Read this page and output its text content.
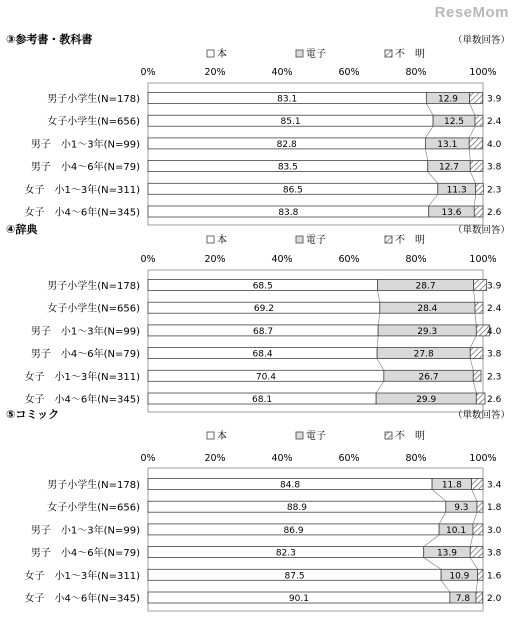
ReseMom
③参考書・教科書	（単数回答）
本	電子	不　明
0%	20%	40%	60%	80%	100%
男子小学生(N=178)	83.1	12.9	3.9
女子小学生(N=656)	85.1	12.5	2.4
男子　小1～3年(N=99)	82.8	13.1	4.0
男子　小4～6年(N=79)	83.5	12.7	3.8
女子　小1～3年(N=311)	86.5	11.3 2.3
女子　小4～6年(N=345)	83.8	13.6	2.6
④辞典	（単数回答）
本	電子	不　明
0%	20%	40%	60%	80%	100%
男子小学生(N=178)	68.5	28.7	3.9
女子小学生(N=656)	69.2	28.4	2.4
男子　小1～3年(N=99)	68.7	29.3	4.0
男子　小4～6年(N=79)	68.4	27.8	3.8
女子　小1～3年(N=311)	70.4	26.7	2.3
女子　小4～6年(N=345)	68.1	29.9	2.6
⑤コミック	（単数回答）
本	電子	不　明
0%	20%	40%	60%	80%	100%
男子小学生(N=178)	84.8	11.8	3.4
女子小学生(N=656)	88.9	9.3 1.8
男子　小1～3年(N=99)	86.9	10.1 3.0
男子　小4～6年(N=79)	82.3	13.9	3.8
女子　小1～3年(N=311)	87.5	10.9 1.6
女子　小4～6年(N=345)	90.1	7.8 2.0
